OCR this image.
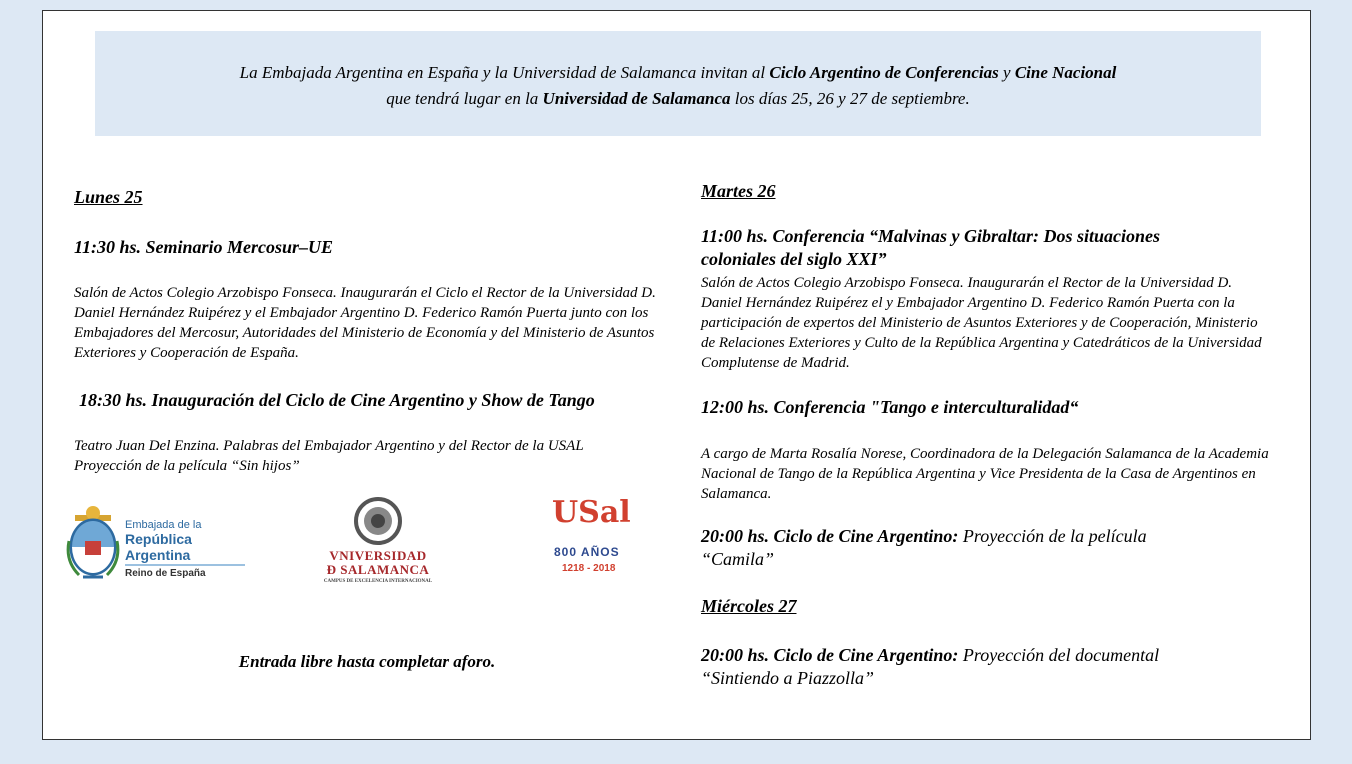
La Embajada Argentina en España y la Universidad de Salamanca invitan al Ciclo Argentino de Conferencias y Cine Nacional
que tendrá lugar en la Universidad de Salamanca los días 25, 26 y 27 de septiembre.
Lunes 25
11:30 hs. Seminario Mercosur–UE
Salón de Actos Colegio Arzobispo Fonseca. Inaugurarán el Ciclo el Rector de la Universidad D. Daniel Hernández Ruipérez y el Embajador Argentino D. Federico Ramón Puerta junto con los Embajadores del Mercosur, Autoridades del Ministerio de Economía y del Ministerio de Asuntos Exteriores y Cooperación de España.
18:30 hs. Inauguración del Ciclo de Cine Argentino y Show de Tango
Teatro Juan Del Enzina. Palabras del Embajador Argentino y del Rector de la USAL
Proyección de la película “Sin hijos”
Embajada de la
República Argentina
Reino de España
VNIVERSIDAD
Ð SALAMANCA
CAMPUS DE EXCELENCIA INTERNACIONAL
USal
800 AÑOS
1218 - 2018
Entrada libre hasta completar aforo.
Martes 26
11:00 hs. Conferencia “Malvinas y Gibraltar: Dos situaciones
coloniales del siglo XXI”
Salón de Actos Colegio Arzobispo Fonseca. Inaugurarán el Rector de la Universidad D. Daniel Hernández Ruipérez el y Embajador Argentino D. Federico Ramón Puerta con la participación de expertos del Ministerio de Asuntos Exteriores y de Cooperación, Ministerio de Relaciones Exteriores y Culto de la República Argentina y Catedráticos de la Universidad Complutense de Madrid.
12:00 hs. Conferencia "Tango e interculturalidad“
A cargo de Marta Rosalía Norese, Coordinadora de la Delegación Salamanca de la Academia Nacional de Tango de la República Argentina y Vice Presidenta de la Casa de Argentinos en Salamanca.
20:00 hs. Ciclo de Cine Argentino: Proyección de la película
“Camila”
Miércoles 27
20:00 hs. Ciclo de Cine Argentino: Proyección del documental
“Sintiendo a Piazzolla”
